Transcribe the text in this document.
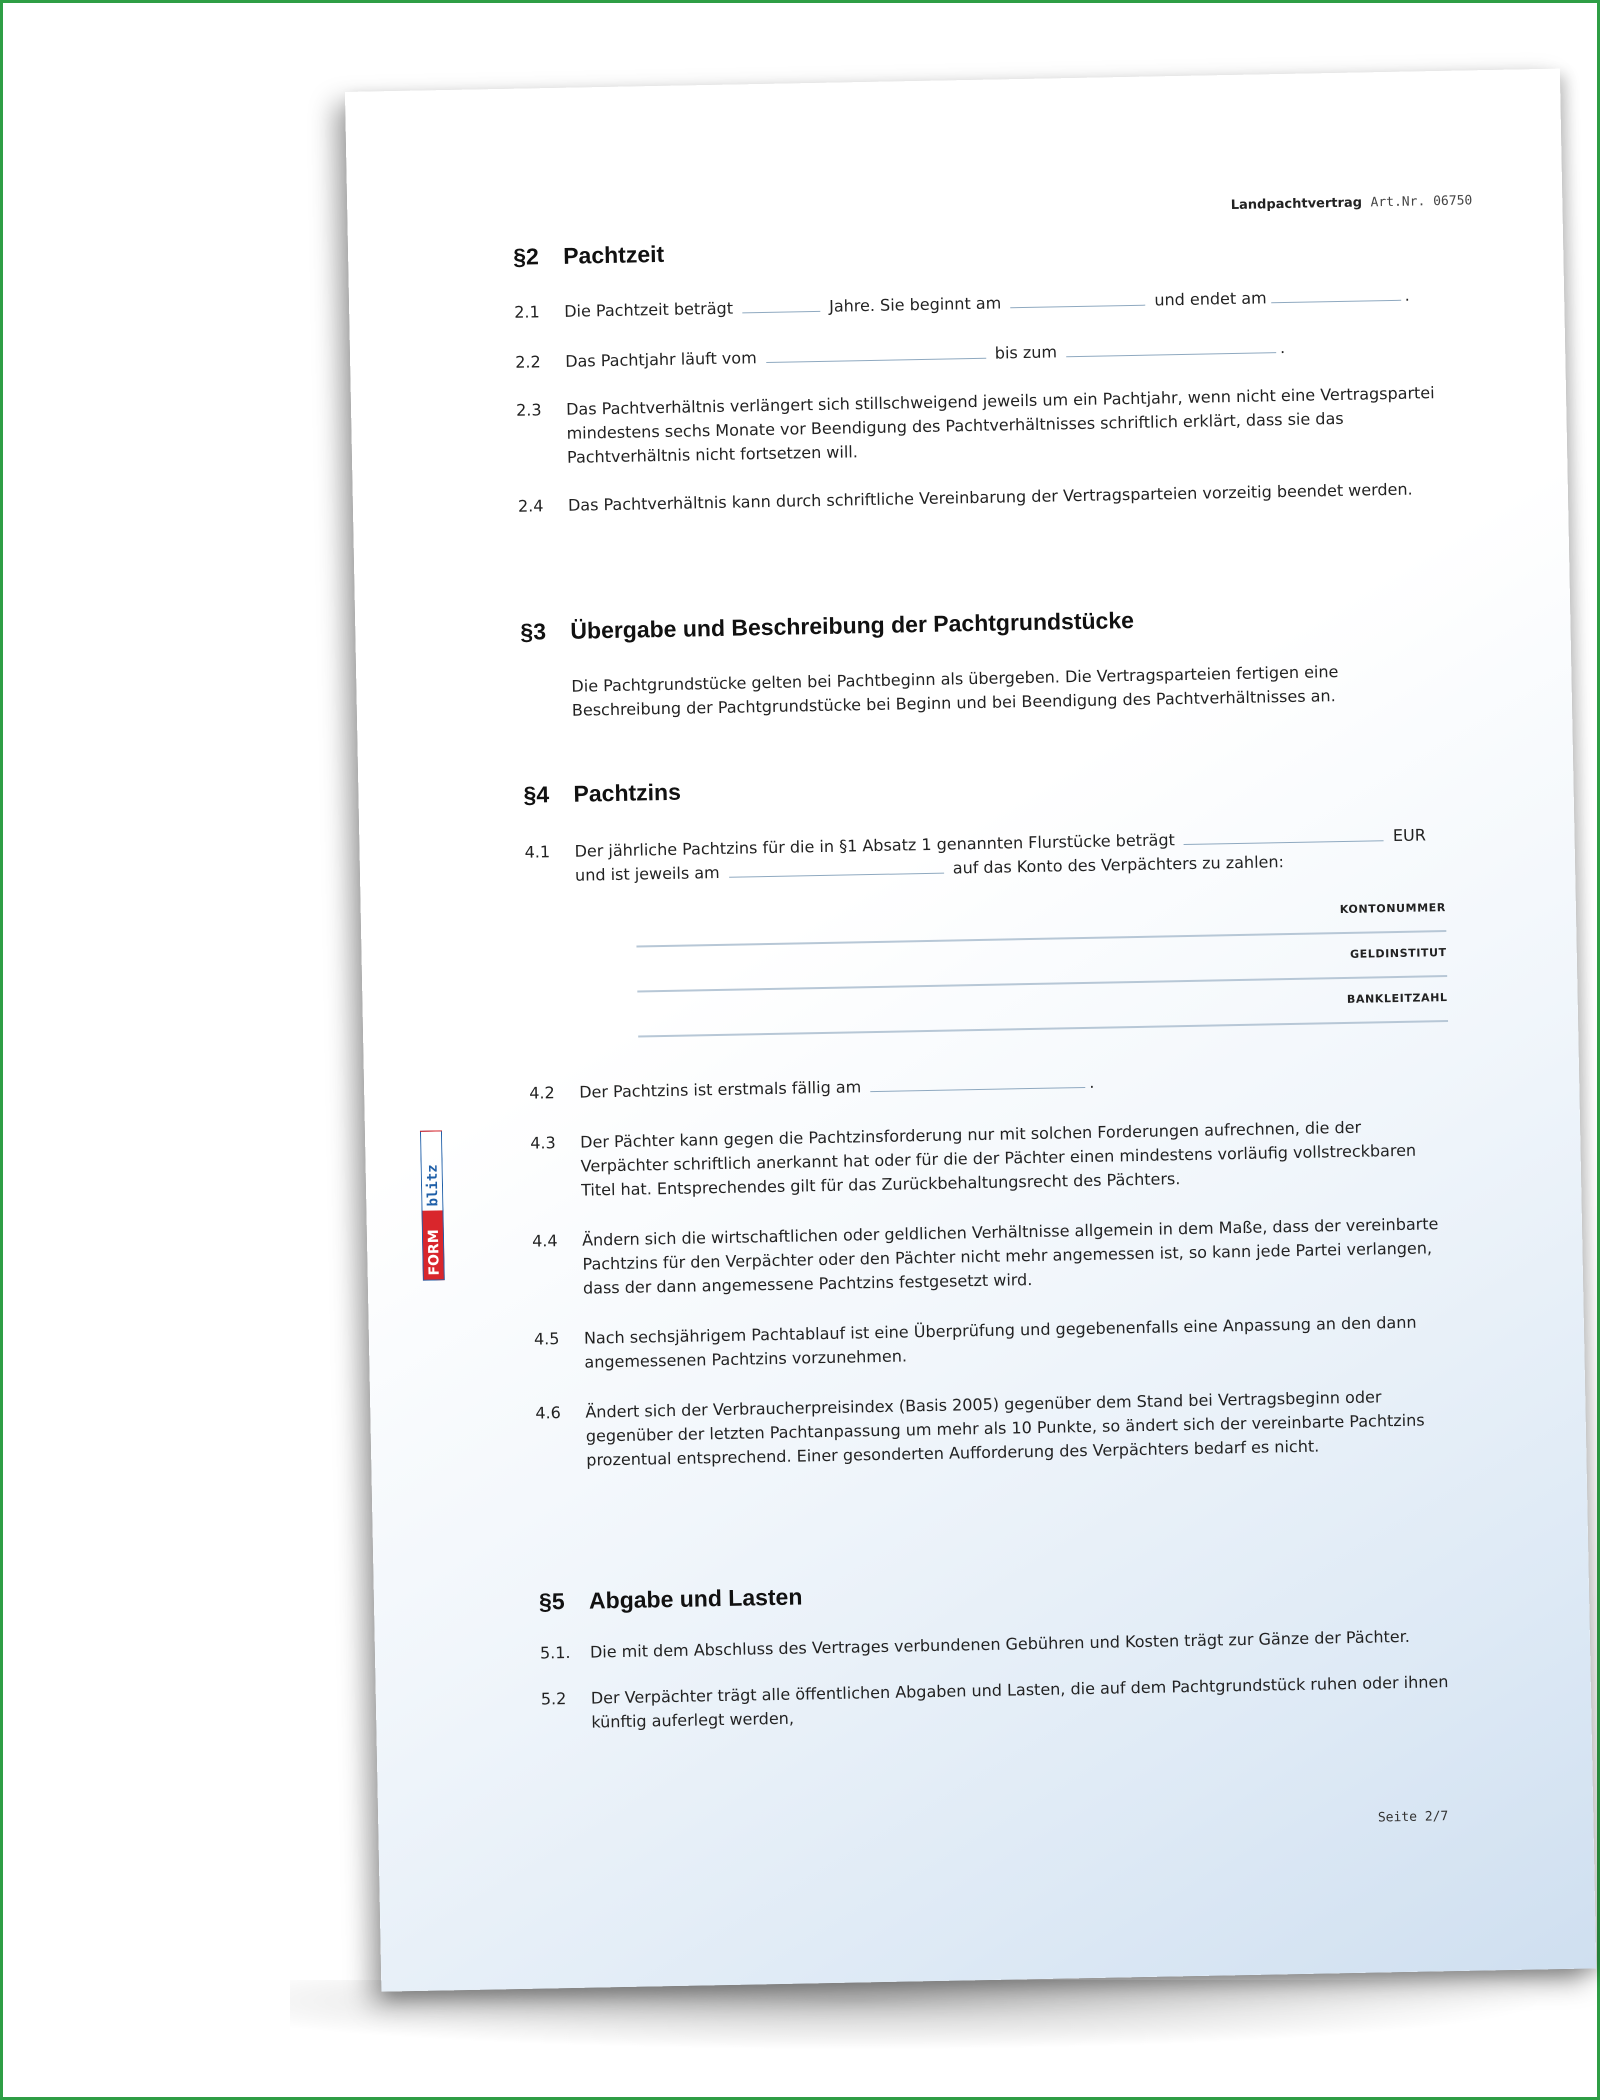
Landpachtvertrag Art.Nr. 06750
§2	Pachtzeit
2.1	Die Pachtzeit beträgt	Jahre. Sie beginnt am	und endet am	.
2.2	Das Pachtjahr läuft vom	bis zum	.
2.3	Das Pachtverhältnis verlängert sich stillschweigend jeweils um ein Pachtjahr, wenn nicht eine Vertragspartei mindestens sechs Monate vor Beendigung des Pachtverhältnisses schriftlich erklärt, dass sie das Pachtverhältnis nicht fortsetzen will.
2.4	Das Pachtverhältnis kann durch schriftliche Vereinbarung der Vertragsparteien vorzeitig beendet werden.
§3	Übergabe und Beschreibung der Pachtgrundstücke
Die Pachtgrundstücke gelten bei Pachtbeginn als übergeben. Die Vertragsparteien fertigen eine Beschreibung der Pachtgrundstücke bei Beginn und bei Beendigung des Pachtverhältnisses an.
§4	Pachtzins
4.1	Der jährliche Pachtzins für die in §1 Absatz 1 genannten Flurstücke beträgt	EUR und ist jeweils am	auf das Konto des Verpächters zu zahlen:
KONTONUMMER
GELDINSTITUT
BANKLEITZAHL
4.2	Der Pachtzins ist erstmals fällig am	.
4.3	Der Pächter kann gegen die Pachtzinsforderung nur mit solchen Forderungen aufrechnen, die der Verpächter schriftlich anerkannt hat oder für die der Pächter einen mindestens vorläufig vollstreckbaren Titel hat. Entsprechendes gilt für das Zurückbehaltungsrecht des Pächters.
4.4	Ändern sich die wirtschaftlichen oder geldlichen Verhältnisse allgemein in dem Maße, dass der vereinbarte Pachtzins für den Verpächter oder den Pächter nicht mehr angemessen ist, so kann jede Partei verlangen, dass der dann angemessene Pachtzins festgesetzt wird.
4.5	Nach sechsjährigem Pachtablauf ist eine Überprüfung und gegebenenfalls eine Anpassung an den dann angemessenen Pachtzins vorzunehmen.
4.6	Ändert sich der Verbraucherpreisindex (Basis 2005) gegenüber dem Stand bei Vertragsbeginn oder gegenüber der letzten Pachtanpassung um mehr als 10 Punkte, so ändert sich der vereinbarte Pachtzins prozentual entsprechend. Einer gesonderten Aufforderung des Verpächters bedarf es nicht.
§5	Abgabe und Lasten
5.1.	Die mit dem Abschluss des Vertrages verbundenen Gebühren und Kosten trägt zur Gänze der Pächter.
5.2	Der Verpächter trägt alle öffentlichen Abgaben und Lasten, die auf dem Pachtgrundstück ruhen oder ihnen künftig auferlegt werden,
Seite 2/7
FORM
blitz
